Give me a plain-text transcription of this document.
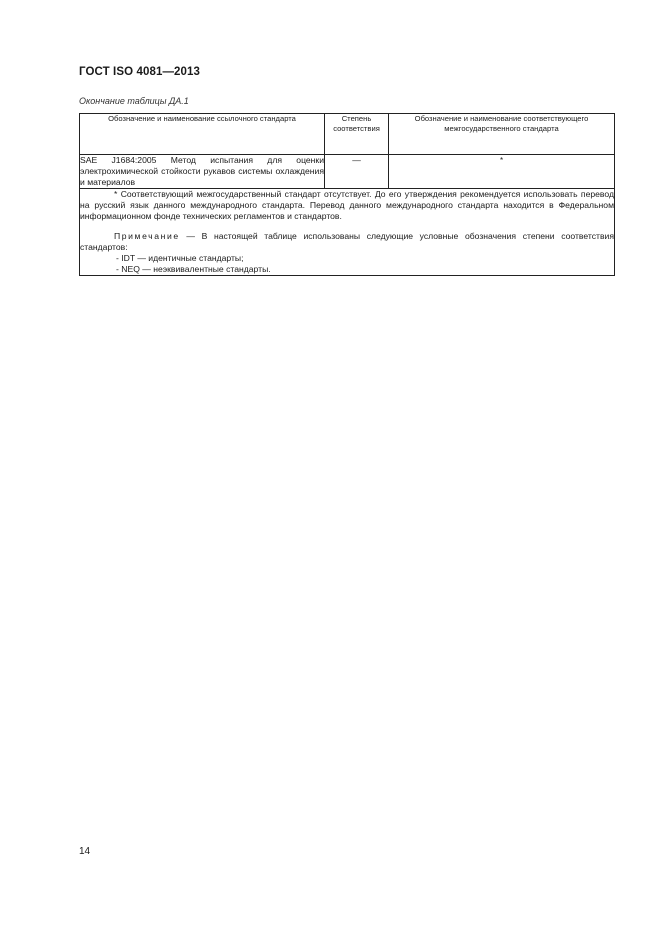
ГОСТ ISO 4081—2013
Окончание таблицы ДА.1
Обозначение и наименование ссылочного стандарта	Степень соответствия	Обозначение и наименование соответствующего межгосударственного стандарта
SAE J1684:2005 Метод испытания для оценки электрохимической стойкости рукавов системы охлаждения и материалов	—	*

* Соответствующий межгосударственный стандарт отсутствует. До его утверждения рекомендуется использовать перевод на русский язык данного международного стандарта. Перевод данного международного стандарта находится в Федеральном информационном фонде технических регламентов и стандартов.

Примечание — В настоящей таблице использованы следующие условные обозначения степени соответствия стандартов:

- IDT — идентичные стандарты;

- NEQ — неэквивалентные стандарты.		

14
